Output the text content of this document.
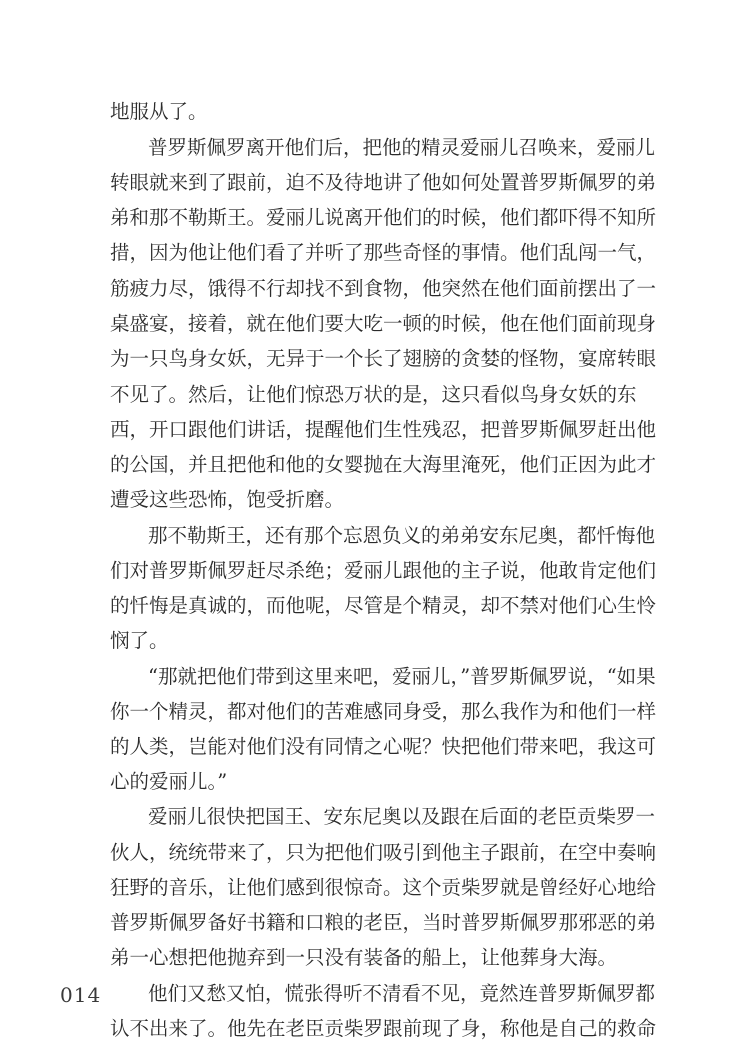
地服从了。
普罗斯佩罗离开他们后，把他的精灵爱丽儿召唤来，爱丽儿
转眼就来到了跟前，迫不及待地讲了他如何处置普罗斯佩罗的弟
弟和那不勒斯王。爱丽儿说离开他们的时候，他们都吓得不知所
措，因为他让他们看了并听了那些奇怪的事情。他们乱闯一气，
筋疲力尽，饿得不行却找不到食物，他突然在他们面前摆出了一
桌盛宴，接着，就在他们要大吃一顿的时候，他在他们面前现身
为一只鸟身女妖，无异于一个长了翅膀的贪婪的怪物，宴席转眼
不见了。然后，让他们惊恐万状的是，这只看似鸟身女妖的东
西，开口跟他们讲话，提醒他们生性残忍，把普罗斯佩罗赶出他
的公国，并且把他和他的女婴抛在大海里淹死，他们正因为此才
遭受这些恐怖，饱受折磨。
那不勒斯王，还有那个忘恩负义的弟弟安东尼奥，都忏悔他
们对普罗斯佩罗赶尽杀绝；爱丽儿跟他的主子说，他敢肯定他们
的忏悔是真诚的，而他呢，尽管是个精灵，却不禁对他们心生怜
悯了。
“那就把他们带到这里来吧，爱丽儿，”普罗斯佩罗说，“如果
你一个精灵，都对他们的苦难感同身受，那么我作为和他们一样
的人类，岂能对他们没有同情之心呢？快把他们带来吧，我这可
心的爱丽儿。”
爱丽儿很快把国王、安东尼奥以及跟在后面的老臣贡柴罗一
伙人，统统带来了，只为把他们吸引到他主子跟前，在空中奏响
狂野的音乐，让他们感到很惊奇。这个贡柴罗就是曾经好心地给
普罗斯佩罗备好书籍和口粮的老臣，当时普罗斯佩罗那邪恶的弟
弟一心想把他抛弃到一只没有装备的船上，让他葬身大海。
他们又愁又怕，慌张得听不清看不见，竟然连普罗斯佩罗都
认不出来了。他先在老臣贡柴罗跟前现了身，称他是自己的救命
014
